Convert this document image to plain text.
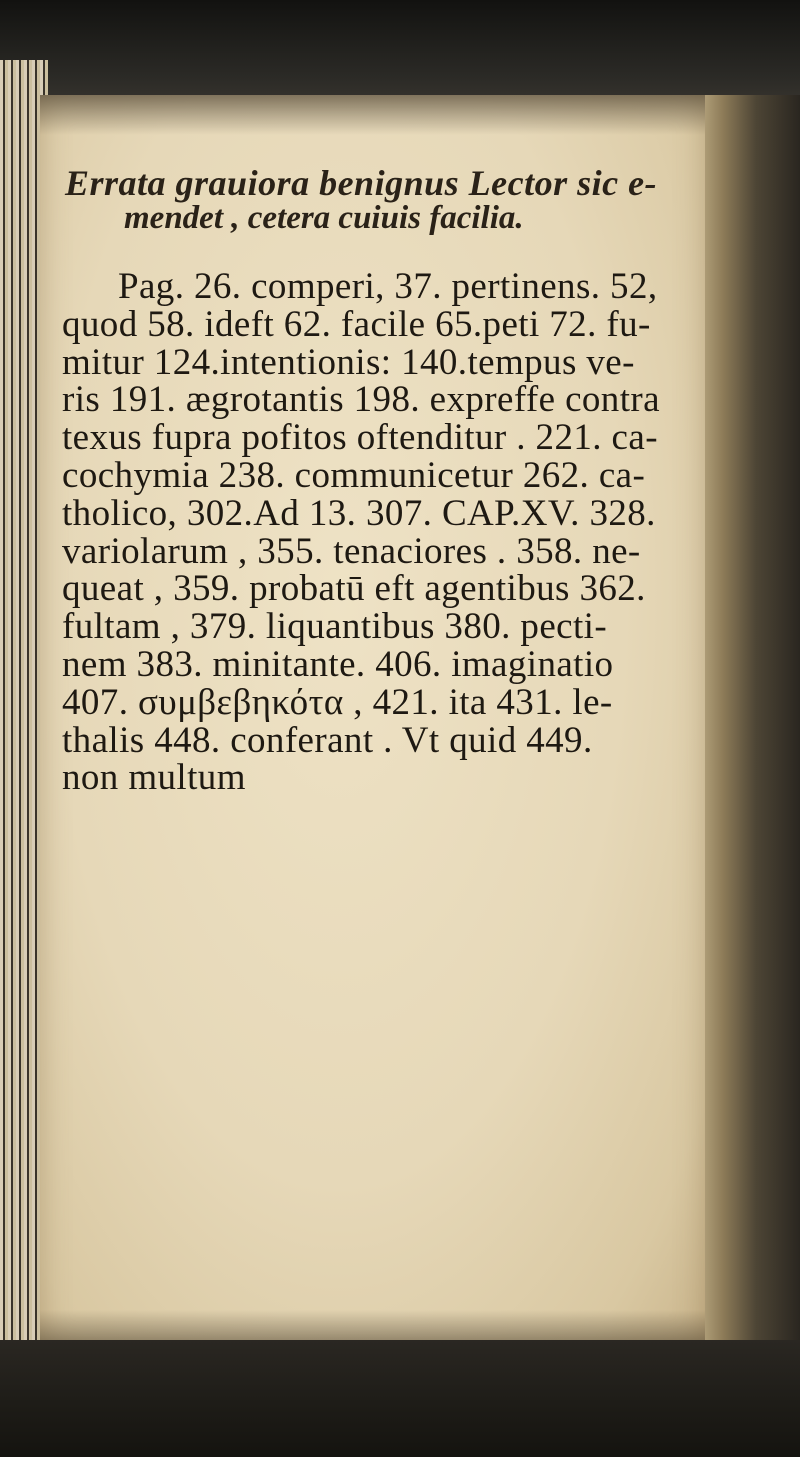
Errata grauiora benignus Lector sic e-
mendet , cetera cuiuis facilia.
Pag. 26. comperi, 37. pertinens. 52,
quod 58. ideft 62. facile 65.peti 72. fu-
mitur 124.intentionis: 140.tempus ve-
ris 191. ægrotantis 198. expreffe contra
texus fupra pofitos oftenditur . 221. ca-
cochymia 238. communicetur 262. ca-
tholico, 302.Ad 13. 307. CAP.XV. 328.
variolarum , 355. tenaciores . 358. ne-
queat , 359. probatū eft agentibus 362.
fultam , 379. liquantibus 380. pecti-
nem 383. minitante. 406. imaginatio
407. συμβεβηκότα , 421. ita 431. le-
thalis 448. conferant . Vt quid 449.
non multum
